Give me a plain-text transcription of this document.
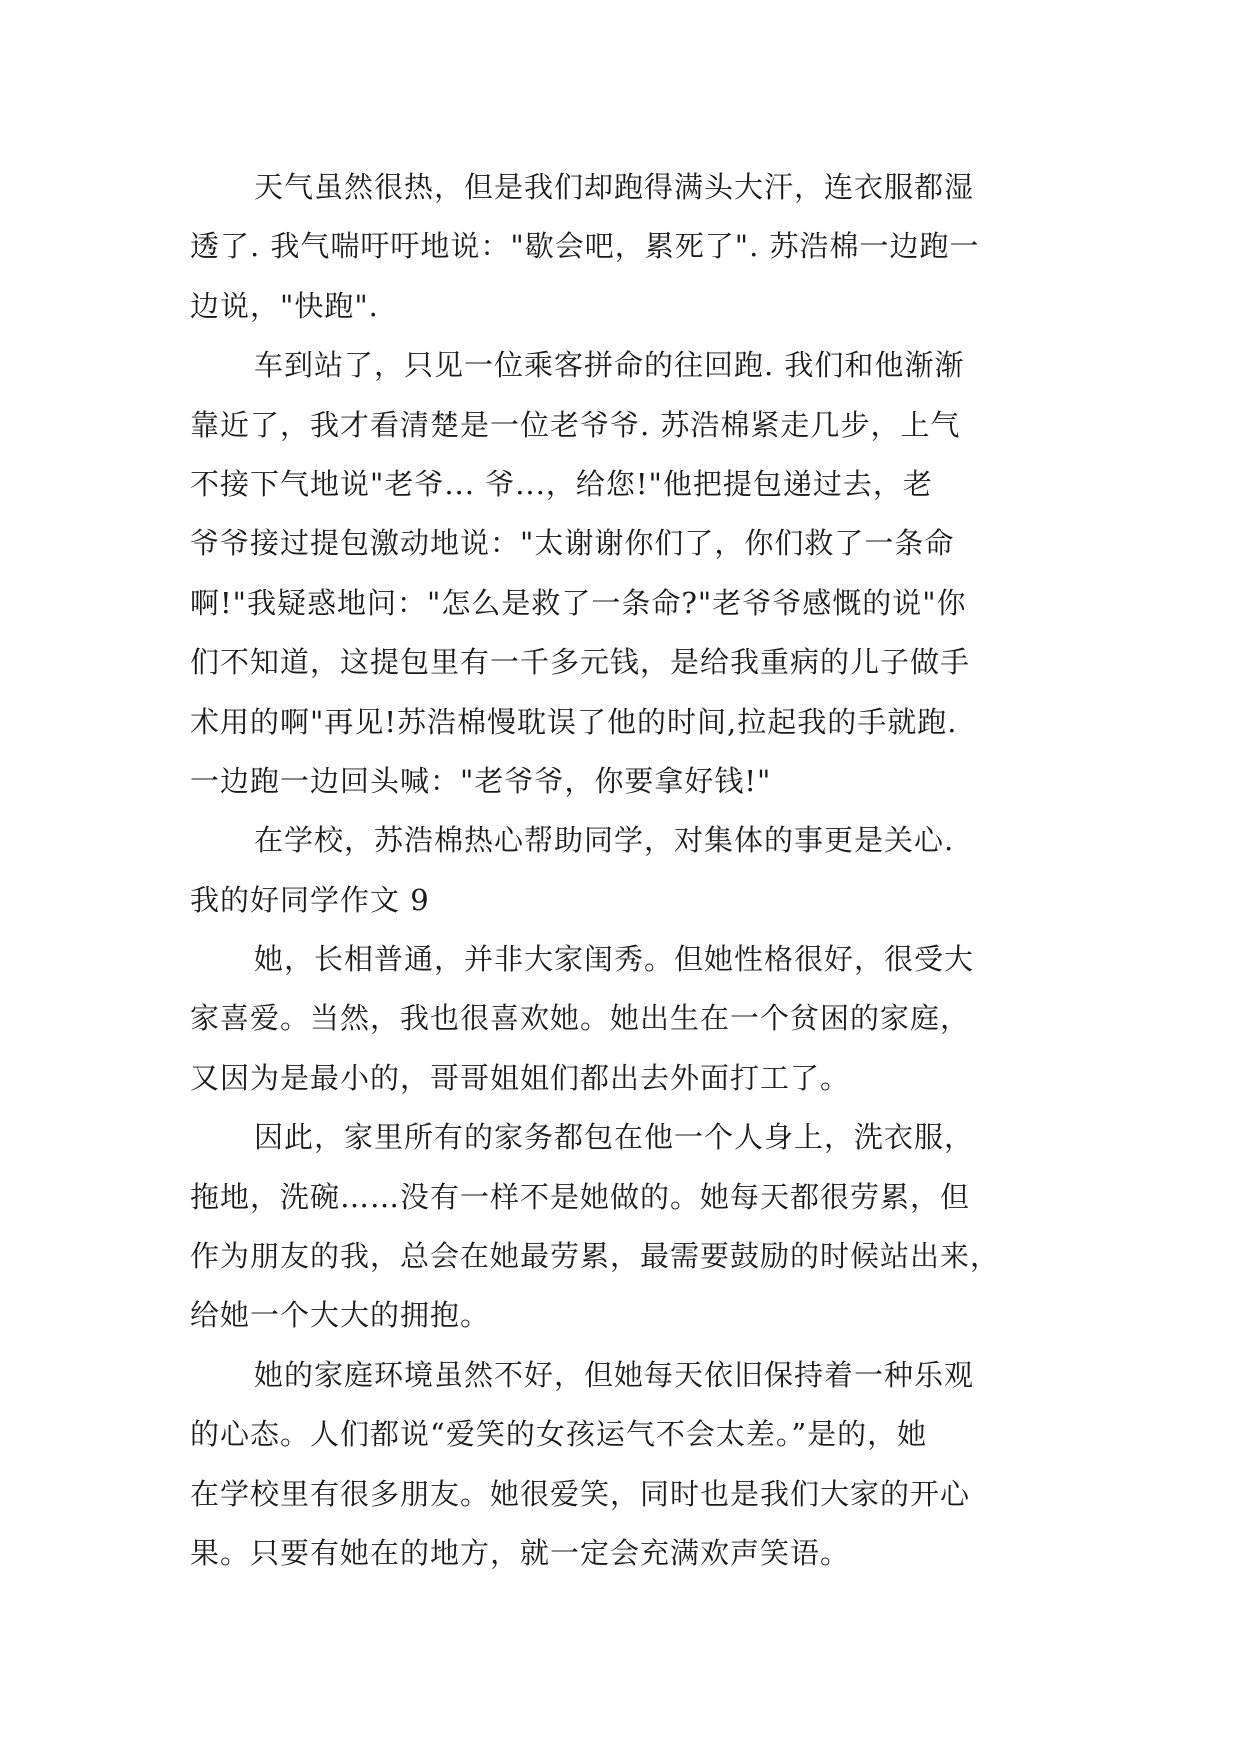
天气虽然很热，但是我们却跑得满头大汗，连衣服都湿
透了. 我气喘吁吁地说："歇会吧，累死了". 苏浩棉一边跑一
边说，"快跑".
车到站了，只见一位乘客拼命的往回跑. 我们和他渐渐
靠近了，我才看清楚是一位老爷爷. 苏浩棉紧走几步，上气
不接下气地说"老爷... 爷...，给您!"他把提包递过去，老
爷爷接过提包激动地说："太谢谢你们了，你们救了一条命
啊!"我疑惑地问："怎么是救了一条命?"老爷爷感慨的说"你
们不知道，这提包里有一千多元钱，是给我重病的儿子做手
术用的啊"再见!苏浩棉慢耽误了他的时间,拉起我的手就跑.
一边跑一边回头喊："老爷爷，你要拿好钱!"
在学校，苏浩棉热心帮助同学，对集体的事更是关心.
我的好同学作文 9
她，长相普通，并非大家闺秀。但她性格很好，很受大
家喜爱。当然，我也很喜欢她。她出生在一个贫困的家庭，
又因为是最小的，哥哥姐姐们都出去外面打工了。
因此，家里所有的家务都包在他一个人身上，洗衣服，
拖地，洗碗……没有一样不是她做的。她每天都很劳累，但
作为朋友的我，总会在她最劳累，最需要鼓励的时候站出来，
给她一个大大的拥抱。
她的家庭环境虽然不好，但她每天依旧保持着一种乐观
的心态。人们都说“爱笑的女孩运气不会太差。”是的，她
在学校里有很多朋友。她很爱笑，同时也是我们大家的开心
果。只要有她在的地方，就一定会充满欢声笑语。
